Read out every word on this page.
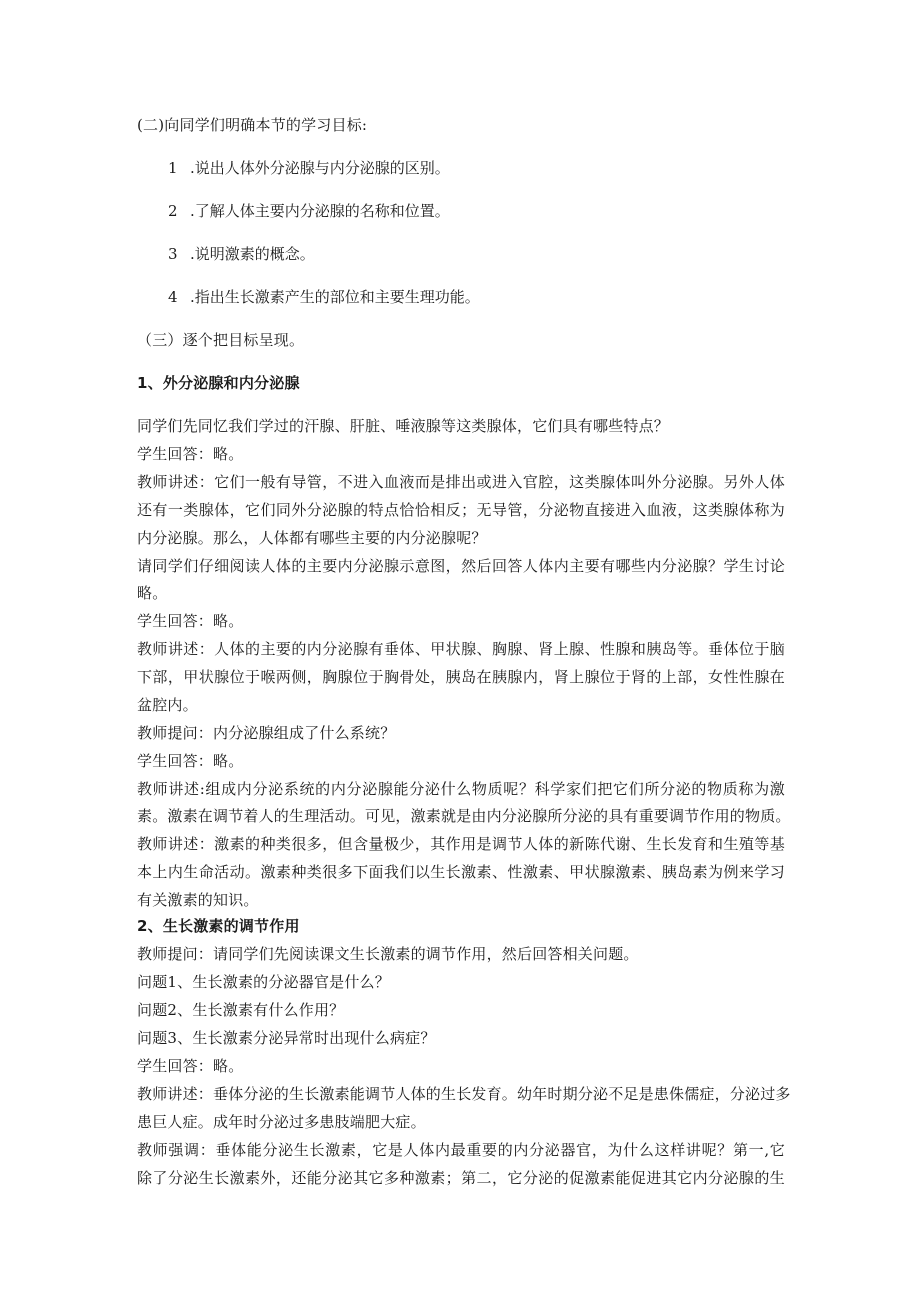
(二)向同学们明确本节的学习目标:
1 .说出人体外分泌腺与内分泌腺的区别。
2 .了解人体主要内分泌腺的名称和位置。
3 .说明激素的概念。
4 .指出生长激素产生的部位和主要生理功能。
（三）逐个把目标呈现。
1、外分泌腺和内分泌腺
同学们先同忆我们学过的汗腺、肝脏、唾液腺等这类腺体，它们具有哪些特点？
学生回答：略。
教师讲述：它们一般有导管，不进入血液而是排出或进入官腔，这类腺体叫外分泌腺。另外人体
还有一类腺体，它们同外分泌腺的特点恰恰相反；无导管，分泌物直接进入血液，这类腺体称为
内分泌腺。那么，人体都有哪些主要的内分泌腺呢？
请同学们仔细阅读人体的主要内分泌腺示意图，然后回答人体内主要有哪些内分泌腺？学生讨论
略。
学生回答：略。
教师讲述：人体的主要的内分泌腺有垂体、甲状腺、胸腺、肾上腺、性腺和胰岛等。垂体位于脑
下部，甲状腺位于喉两侧，胸腺位于胸骨处，胰岛在胰腺内，肾上腺位于肾的上部，女性性腺在
盆腔内。
教师提问：内分泌腺组成了什么系统？
学生回答：略。
教师讲述:组成内分泌系统的内分泌腺能分泌什么物质呢？科学家们把它们所分泌的物质称为激
素。激素在调节着人的生理活动。可见，激素就是由内分泌腺所分泌的具有重要调节作用的物质。
教师讲述：激素的种类很多，但含量极少，其作用是调节人体的新陈代谢、生长发育和生殖等基
本上内生命活动。激素种类很多下面我们以生长激素、性激素、甲状腺激素、胰岛素为例来学习
有关激素的知识。
2、生长激素的调节作用
教师提问：请同学们先阅读课文生长激素的调节作用，然后回答相关问题。
问题1、生长激素的分泌器官是什么？
问题2、生长激素有什么作用？
问题3、生长激素分泌异常时出现什么病症？
学生回答：略。
教师讲述：垂体分泌的生长激素能调节人体的生长发育。幼年时期分泌不足是患侏儒症，分泌过多
患巨人症。成年时分泌过多患肢端肥大症。
教师强调：垂体能分泌生长激素，它是人体内最重要的内分泌器官，为什么这样讲呢？第一,它
除了分泌生长激素外，还能分泌其它多种激素；第二，它分泌的促激素能促进其它内分泌腺的生
